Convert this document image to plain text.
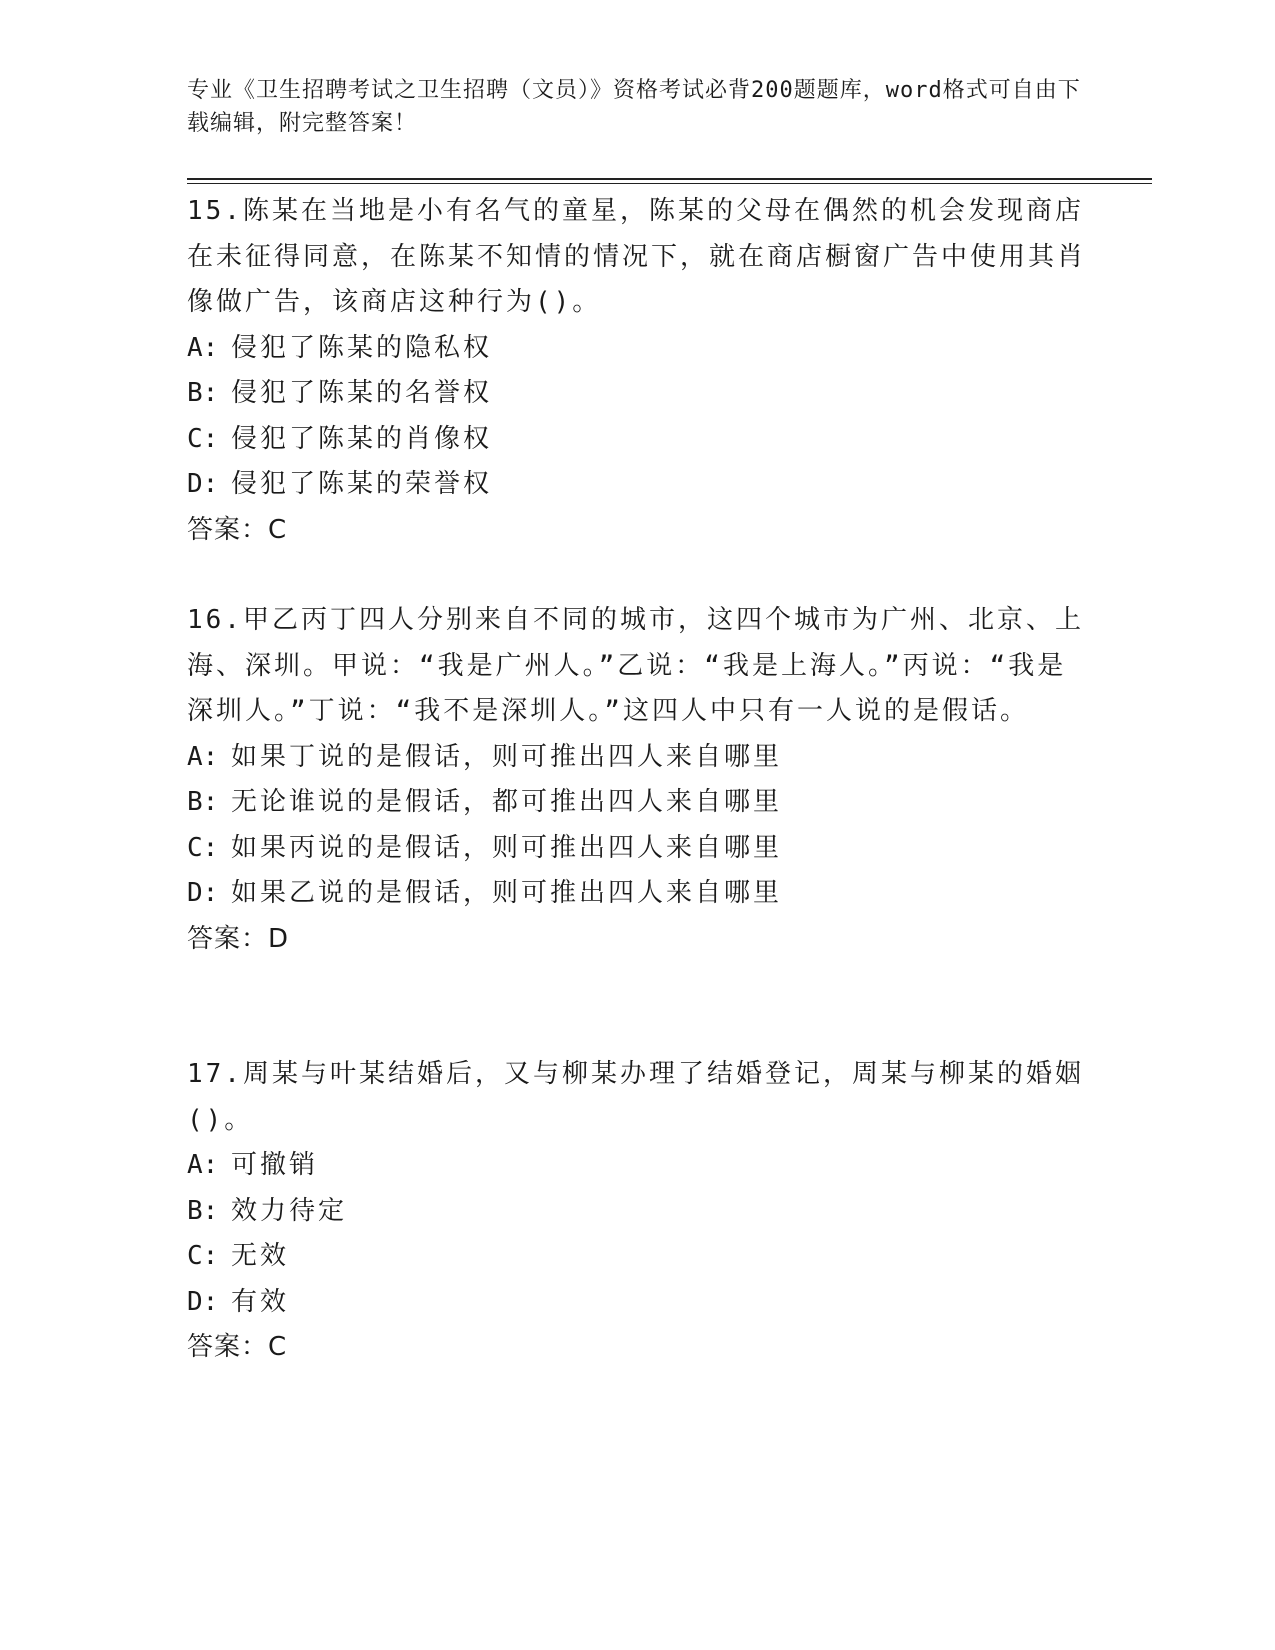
专业《卫生招聘考试之卫生招聘（文员）》资格考试必背200题题库，word格式可自由下载编辑，附完整答案！

15.陈某在当地是小有名气的童星，陈某的父母在偶然的机会发现商店在未征得同意，在陈某不知情的情况下，就在商店橱窗广告中使用其肖像做广告，该商店这种行为()。

A: 侵犯了陈某的隐私权

B: 侵犯了陈某的名誉权

C: 侵犯了陈某的肖像权

D: 侵犯了陈某的荣誉权

答案：C

16.甲乙丙丁四人分别来自不同的城市，这四个城市为广州、北京、上海、深圳。甲说：“我是广州人。”乙说：“我是上海人。”丙说：“我是深圳人。”丁说：“我不是深圳人。”这四人中只有一人说的是假话。

A: 如果丁说的是假话，则可推出四人来自哪里

B: 无论谁说的是假话，都可推出四人来自哪里

C: 如果丙说的是假话，则可推出四人来自哪里

D: 如果乙说的是假话，则可推出四人来自哪里

答案：D

17.周某与叶某结婚后，又与柳某办理了结婚登记，周某与柳某的婚姻()。

A: 可撤销

B: 效力待定

C: 无效

D: 有效

答案：C
